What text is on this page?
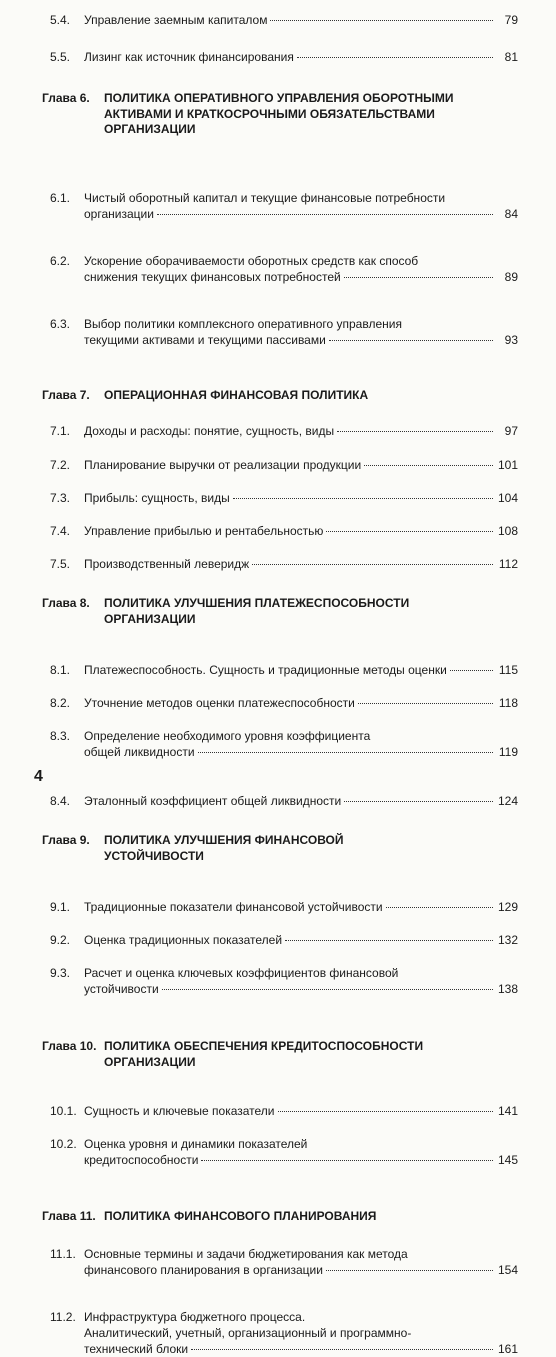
5.4. Управление заемным капиталом	79
5.5. Лизинг как источник финансирования	81
Глава 6. ПОЛИТИКА ОПЕРАТИВНОГО УПРАВЛЕНИЯ ОБОРОТНЫМИ
АКТИВАМИ И КРАТКОСРОЧНЫМИ ОБЯЗАТЕЛЬСТВАМИ
ОРГАНИЗАЦИИ
6.1. Чистый оборотный капитал и текущие финансовые потребности
организации	84
6.2. Ускорение оборачиваемости оборотных средств как способ
снижения текущих финансовых потребностей	89
6.3. Выбор политики комплексного оперативного управления
текущими активами и текущими пассивами	93
Глава 7. ОПЕРАЦИОННАЯ ФИНАНСОВАЯ ПОЛИТИКА
7.1. Доходы и расходы: понятие, сущность, виды	97
7.2. Планирование выручки от реализации продукции	101
7.3. Прибыль: сущность, виды	104
7.4. Управление прибылью и рентабельностью	108
7.5. Производственный леверидж	112
Глава 8. ПОЛИТИКА УЛУЧШЕНИЯ ПЛАТЕЖЕСПОСОБНОСТИ
ОРГАНИЗАЦИИ
8.1. Платежеспособность. Сущность и традиционные методы оценки	115
8.2. Уточнение методов оценки платежеспособности	118
8.3. Определение необходимого уровня коэффициента
общей ликвидности	119
8.4. Эталонный коэффициент общей ликвидности	124
Глава 9. ПОЛИТИКА УЛУЧШЕНИЯ ФИНАНСОВОЙ
УСТОЙЧИВОСТИ
9.1. Традиционные показатели финансовой устойчивости	129
9.2. Оценка традиционных показателей	132
9.3. Расчет и оценка ключевых коэффициентов финансовой
устойчивости	138
Глава 10. ПОЛИТИКА ОБЕСПЕЧЕНИЯ КРЕДИТОСПОСОБНОСТИ
ОРГАНИЗАЦИИ
10.1. Сущность и ключевые показатели	141
10.2. Оценка уровня и динамики показателей
кредитоспособности	145
Глава 11. ПОЛИТИКА ФИНАНСОВОГО ПЛАНИРОВАНИЯ
11.1. Основные термины и задачи бюджетирования как метода
финансового планирования в организации	154
11.2. Инфраструктура бюджетного процесса.
Аналитический, учетный, организационный и программно-
технический блоки	161
4
